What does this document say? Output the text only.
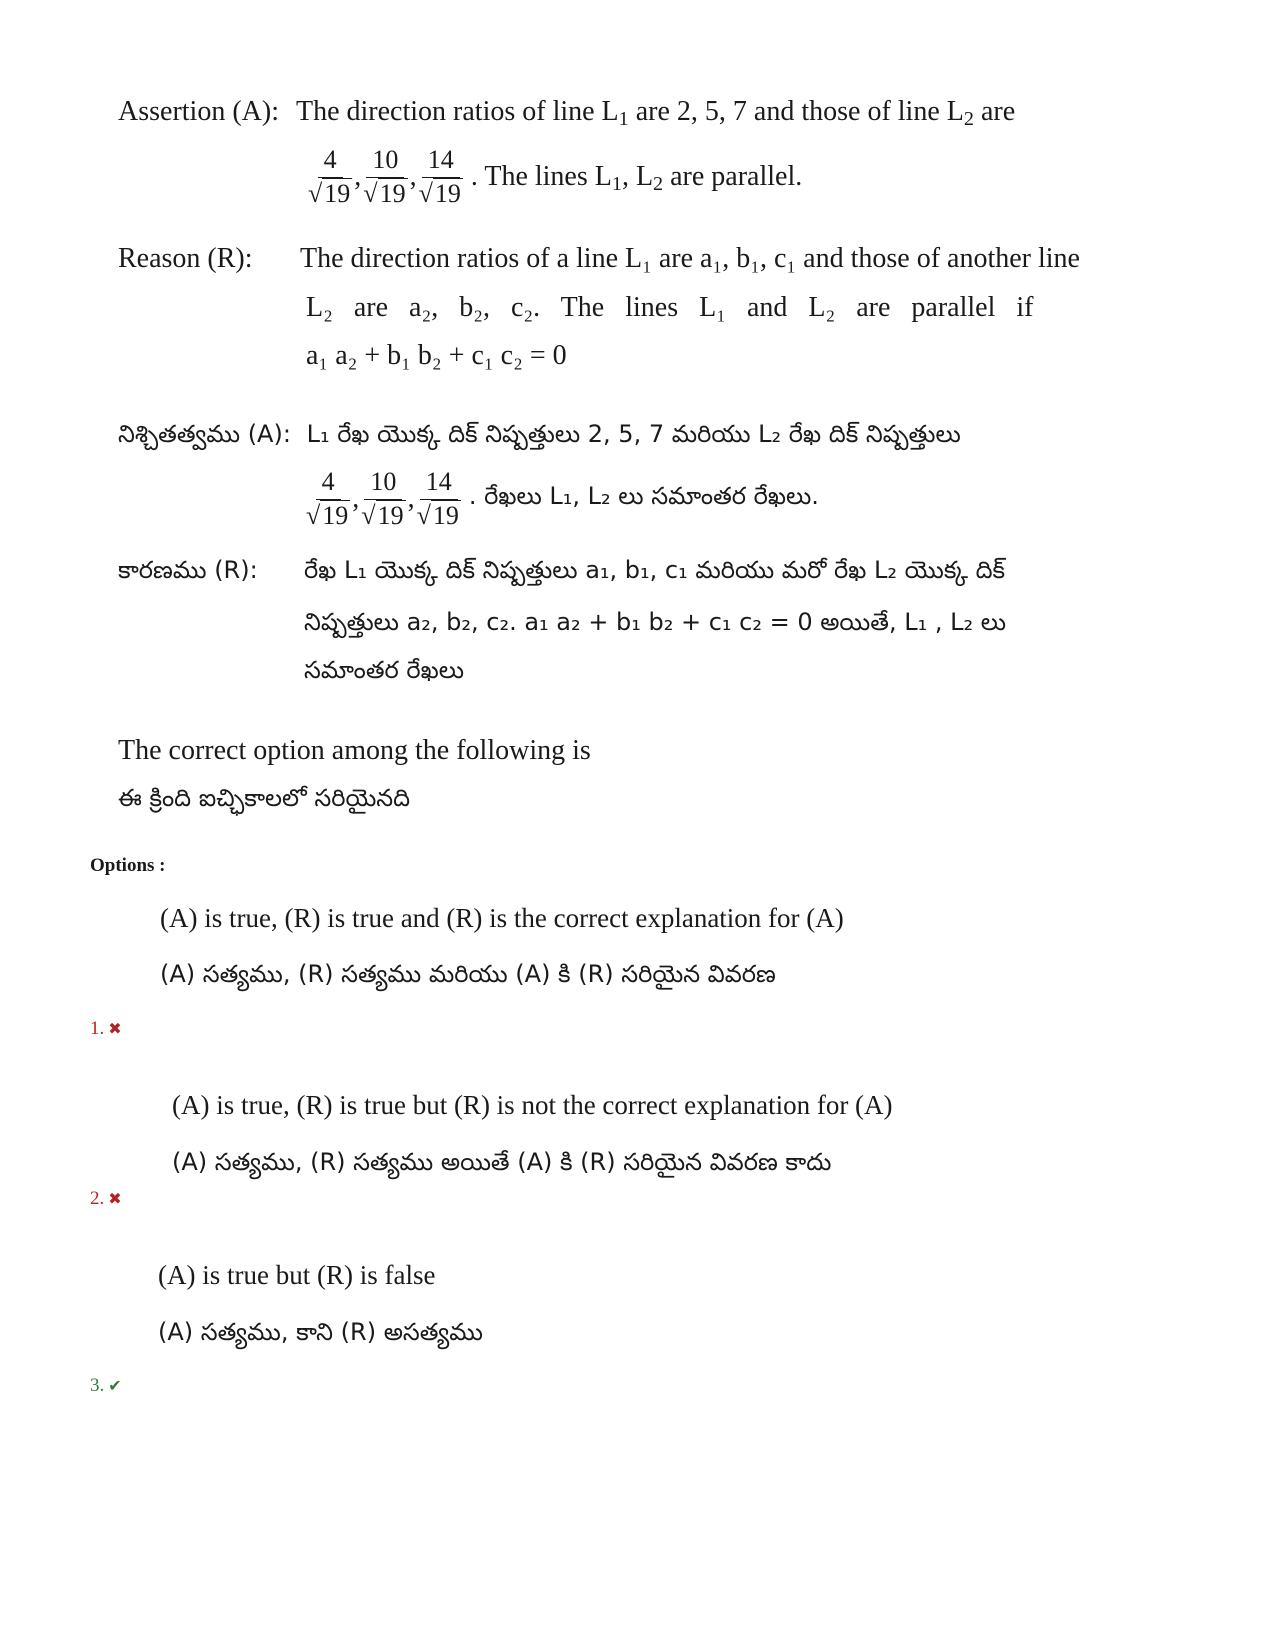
Assertion (A): The direction ratios of line $L_1$ are 2, 5, 7 and those of line $L_2$ are
$\frac{4}{√19}$ , $\frac{10}{√19}$ , $\frac{14}{√19}$ . The lines $L_1$, $L_2$ are parallel.
Reason (R): The direction ratios of a line L₁ are a₁, b₁, c₁ and those of another line
L₂ are a₂, b₂, c₂. The lines L₁ and L₂ are parallel if
a₁ a₂ + b₁ b₂ + c₁ c₂ = 0
నిశ్చితత్వము (A): L₁ రేఖ యొక్క దిక్ నిష్పత్తులు 2, 5, 7 మరియు L₂ రేఖ దిక్ నిష్పత్తులు
$\frac{4}{√19}$ , $\frac{10}{√19}$ , $\frac{14}{√19}$ . రేఖలు L₁, L₂ లు సమాంతర రేఖలు.
కారణము (R): రేఖ L₁ యొక్క దిక్ నిష్పత్తులు a₁, b₁, c₁ మరియు మరో రేఖ L₂ యొక్క దిక్
నిష్పత్తులు a₂, b₂, c₂. a₁ a₂ + b₁ b₂ + c₁ c₂ = 0 అయితే, L₁ , L₂ లు
సమాంతర రేఖలు
The correct option among the following is
ఈ క్రింది ఐచ్ఛికాలలో సరియైనది
Options :
(A) is true, (R) is true and (R) is the correct explanation for (A)
(A) సత్యము, (R) సత్యము మరియు (A) కి (R) సరియైన వివరణ
1. ✖
(A) is true, (R) is true but (R) is not the correct explanation for (A)
(A) సత్యము, (R) సత్యము అయితే (A) కి (R) సరియైన వివరణ కాదు
2. ✖
(A) is true but (R) is false
(A) సత్యము, కాని (R) అసత్యము
3. ✔
